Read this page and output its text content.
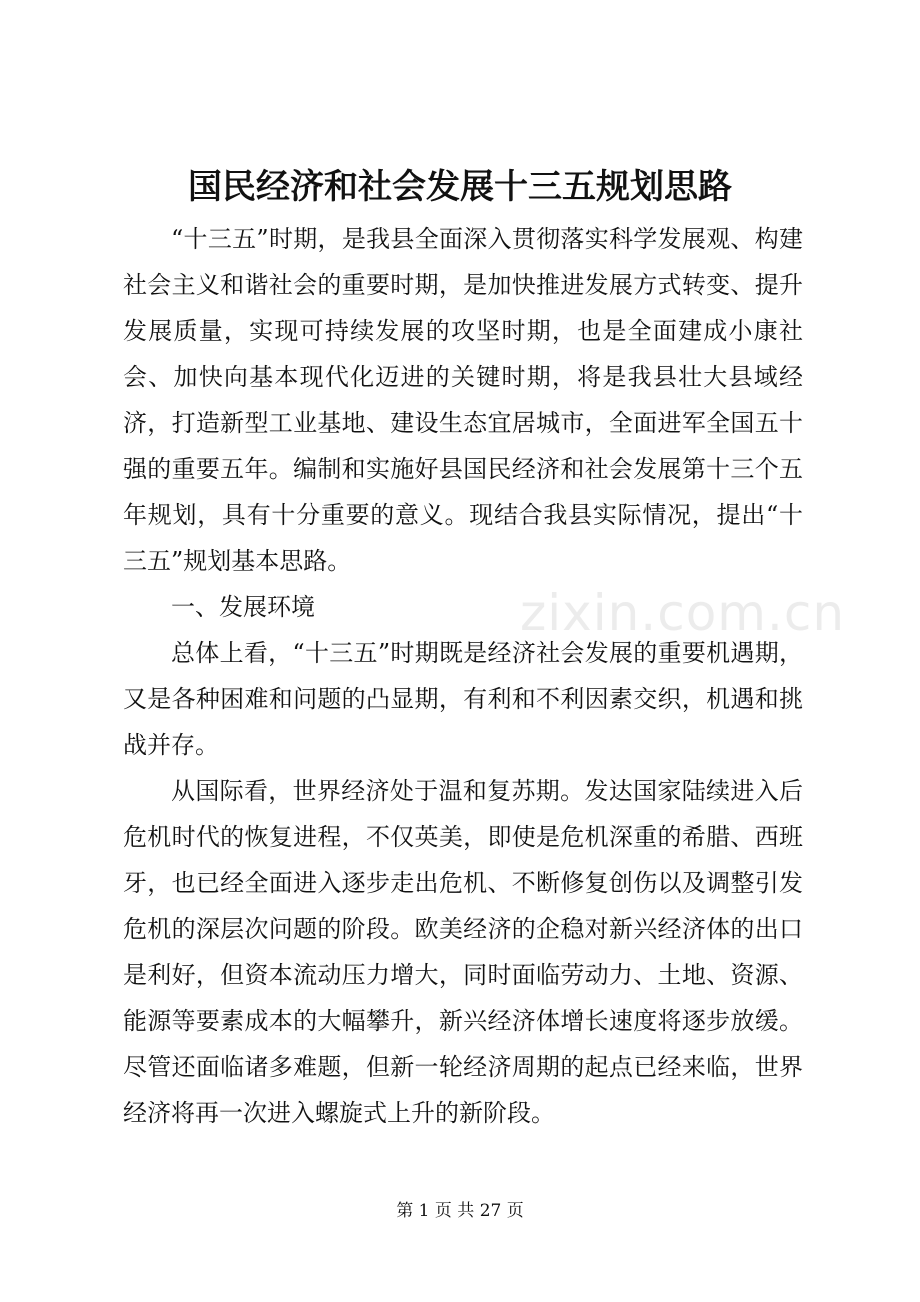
国民经济和社会发展十三五规划思路

“十三五”时期，是我县全面深入贯彻落实科学发展观、构建社会主义和谐社会的重要时期，是加快推进发展方式转变、提升发展质量，实现可持续发展的攻坚时期，也是全面建成小康社会、加快向基本现代化迈进的关键时期，将是我县壮大县域经济，打造新型工业基地、建设生态宜居城市，全面进军全国五十强的重要五年。编制和实施好县国民经济和社会发展第十三个五年规划，具有十分重要的意义。现结合我县实际情况，提出“十三五”规划基本思路。

一、发展环境

总体上看，“十三五”时期既是经济社会发展的重要机遇期，又是各种困难和问题的凸显期，有利和不利因素交织，机遇和挑战并存。

从国际看，世界经济处于温和复苏期。发达国家陆续进入后危机时代的恢复进程，不仅英美，即使是危机深重的希腊、西班牙，也已经全面进入逐步走出危机、不断修复创伤以及调整引发危机的深层次问题的阶段。欧美经济的企稳对新兴经济体的出口是利好，但资本流动压力增大，同时面临劳动力、土地、资源、能源等要素成本的大幅攀升，新兴经济体增长速度将逐步放缓。尽管还面临诸多难题，但新一轮经济周期的起点已经来临，世界经济将再一次进入螺旋式上升的新阶段。

zixin.com.cn
第 1 页 共 27 页
